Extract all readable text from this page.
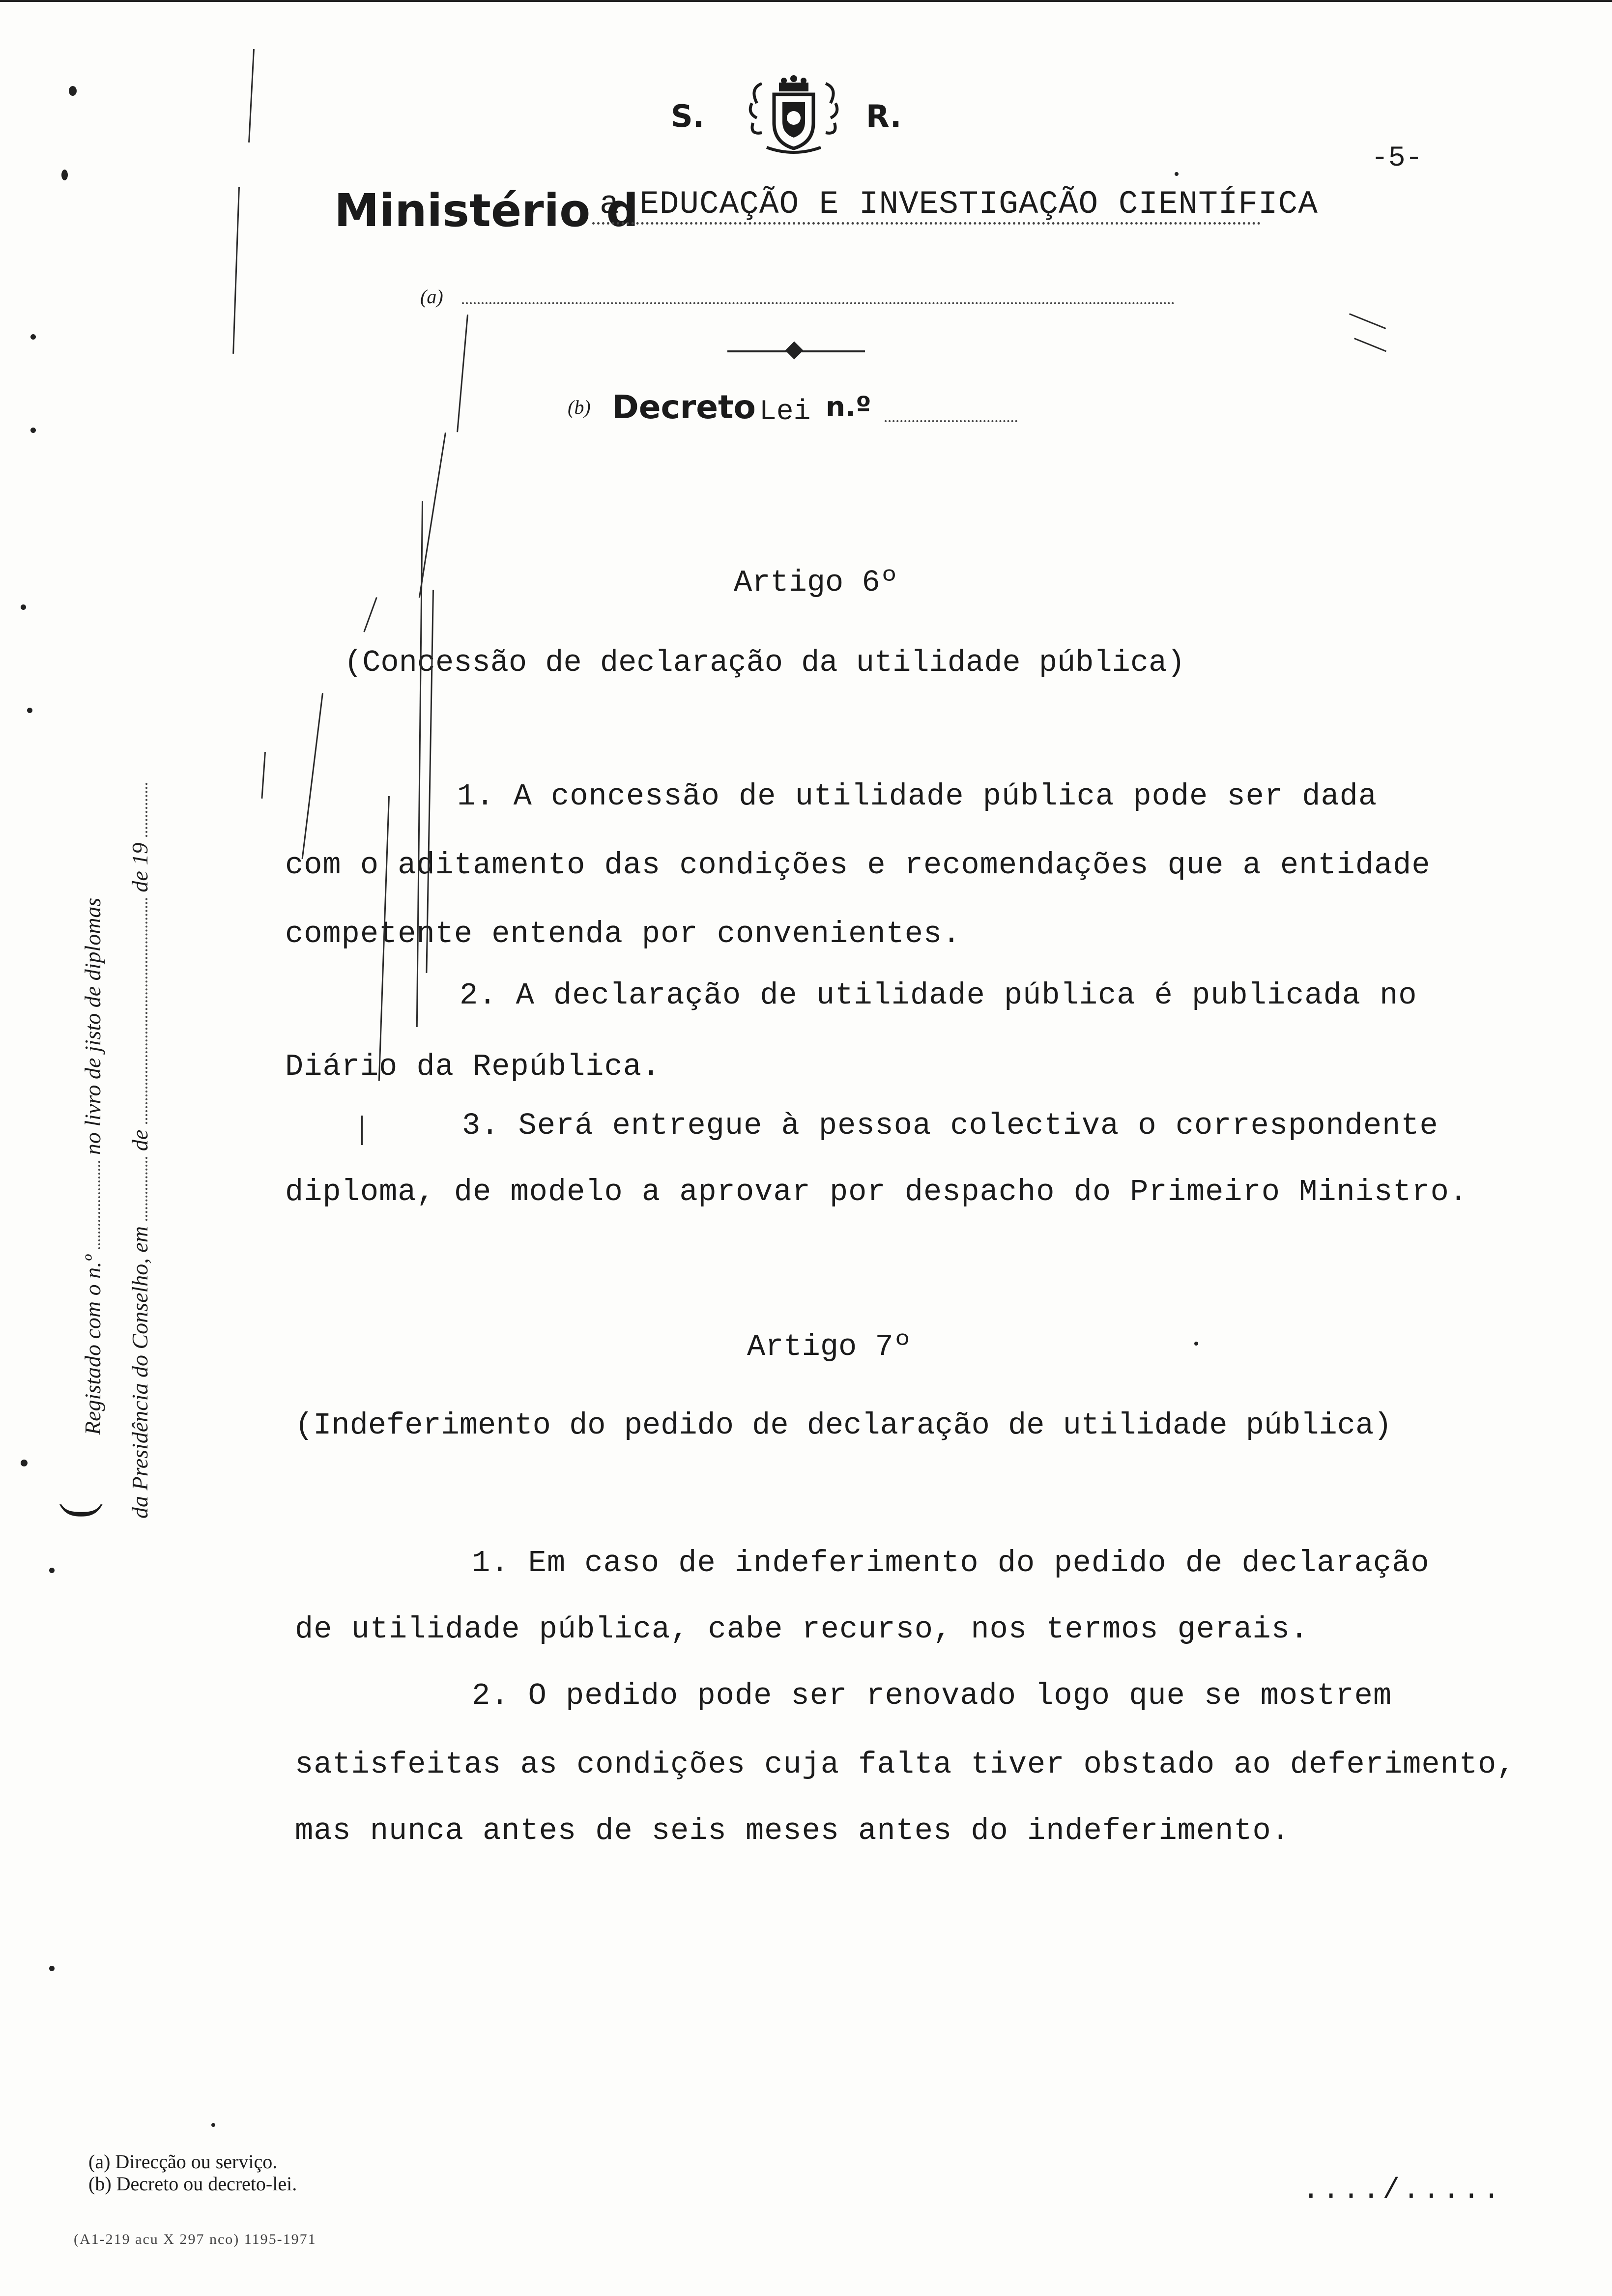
S.	R.
-5-
Ministério d
a EDUCAÇÃO E INVESTIGAÇÃO CIENTÍFICA
(a)
(b) Decreto Lei n.º
Artigo 6º
(Concessão de declaração da utilidade pública)
1. A concessão de utilidade pública pode ser dada
com o aditamento das condições e recomendações que a entidade
competente entenda por convenientes.
2. A declaração de utilidade pública é publicada no
Diário da República.
3. Será entregue à pessoa colectiva o correspondente
diploma, de modelo a aprovar por despacho do Primeiro Ministro.
Artigo 7º
(Indeferimento do pedido de declaração de utilidade pública)
1. Em caso de indeferimento do pedido de declaração
de utilidade pública, cabe recurso, nos termos gerais.
2. O pedido pode ser renovado logo que se mostrem
satisfeitas as condições cuja falta tiver obstado ao deferimento,
mas nunca antes de seis meses antes do indeferimento.
(
Registado com o n.º  no livro de jisto de diplomas
da Presidência do Conselho, em  de  de 19
(a) Direcção ou serviço.
(b) Decreto ou decreto-lei.
(A1-219 acu X 297 nco) 1195-1971
..../.....
